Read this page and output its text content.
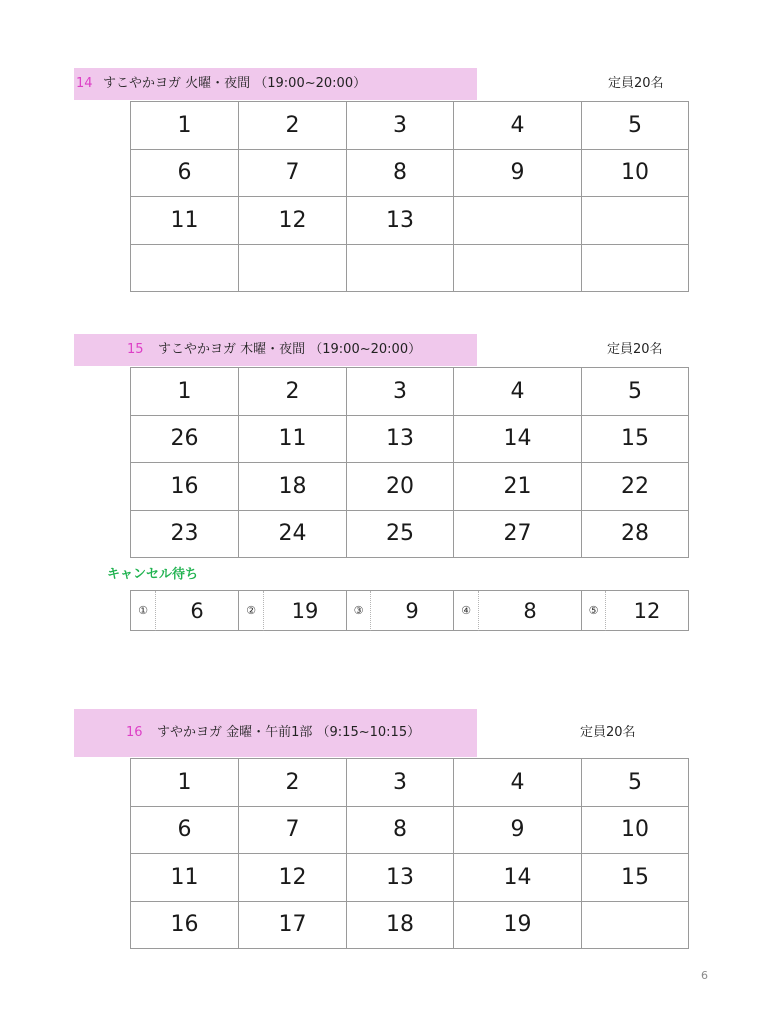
14 すこやかヨガ 火曜・夜間 （19:00~20:00）	定員20名
1	2	3	4	5
6	7	8	9	10
11	12	13
15 すこやかヨガ 木曜・夜間 （19:00~20:00）	定員20名
1	2	3	4	5
26	11	13	14	15
16	18	20	21	22
23	24	25	27	28
キャンセル待ち
①	6	②	19	③	9	④	8	⑤	12
16 すやかヨガ 金曜・午前1部 （9:15~10:15）	定員20名
1	2	3	4	5
6	7	8	9	10
11	12	13	14	15
16	17	18	19
6
